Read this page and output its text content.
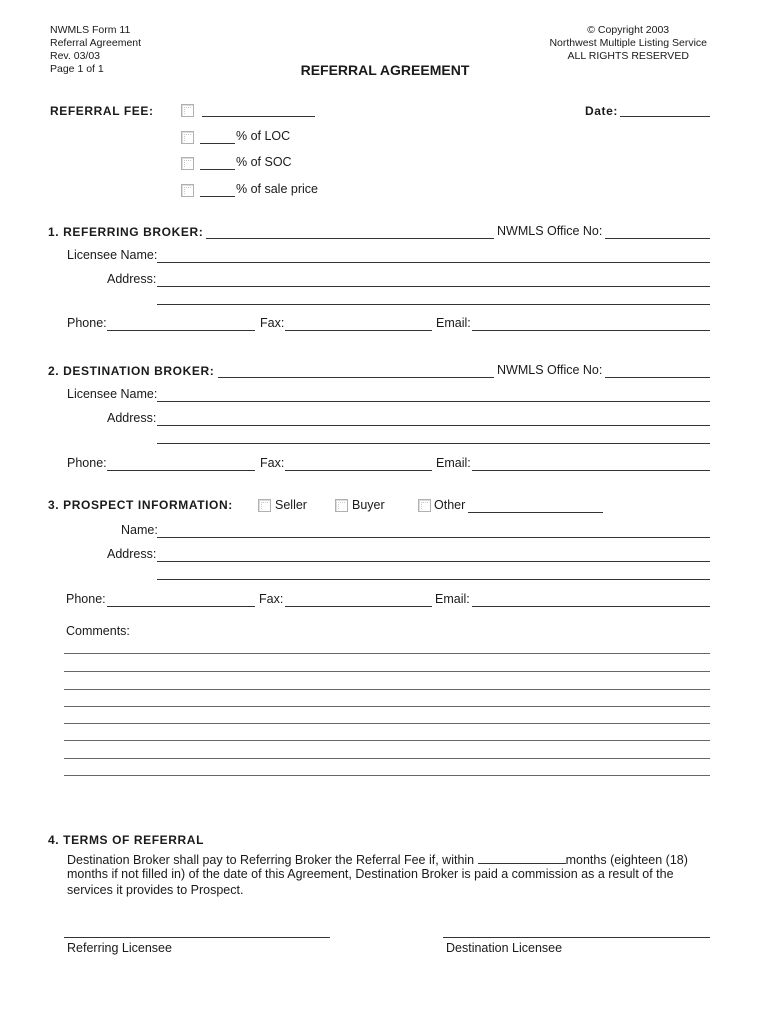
NWMLS Form 11
Referral Agreement
Rev. 03/03
Page 1 of 1
© Copyright 2003
Northwest Multiple Listing Service
ALL RIGHTS RESERVED
REFERRAL AGREEMENT
REFERRAL FEE:	Date:
% of LOC
% of SOC
% of sale price
1. REFERRING BROKER:	NWMLS Office No:
Licensee Name:
Address:
Phone:	Fax:	Email:
2. DESTINATION BROKER:	NWMLS Office No:
Licensee Name:
Address:
Phone:	Fax:	Email:
3. PROSPECT INFORMATION:	Seller	Buyer	Other
Name:
Address:
Phone:	Fax:	Email:
Comments:
4. TERMS OF REFERRAL
Destination Broker shall pay to Referring Broker the Referral Fee if, within	months (eighteen (18)
months if not filled in) of the date of this Agreement, Destination Broker is paid a commission as a result of the
services it provides to Prospect.
Referring Licensee	Destination Licensee
